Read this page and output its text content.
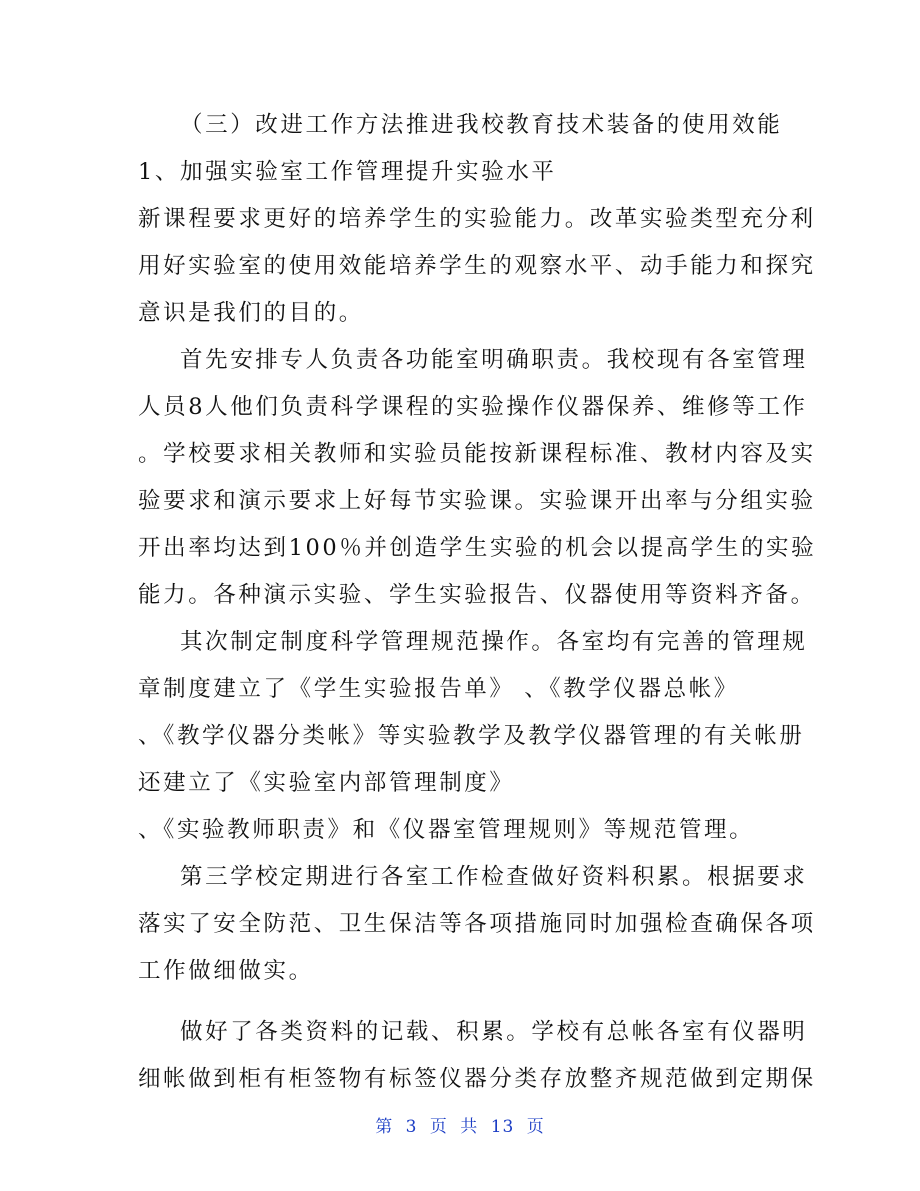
（三）改进工作方法推进我校教育技术装备的使用效能
1、加强实验室工作管理提升实验水平
新课程要求更好的培养学生的实验能力。改革实验类型充分利
用好实验室的使用效能培养学生的观察水平、动手能力和探究
意识是我们的目的。
首先安排专人负责各功能室明确职责。我校现有各室管理
人员8人他们负责科学课程的实验操作仪器保养、维修等工作
。学校要求相关教师和实验员能按新课程标准、教材内容及实
验要求和演示要求上好每节实验课。实验课开出率与分组实验
开出率均达到100％并创造学生实验的机会以提高学生的实验
能力。各种演示实验、学生实验报告、仪器使用等资料齐备。
其次制定制度科学管理规范操作。各室均有完善的管理规
章制度建立了《学生实验报告单》 、《教学仪器总帐》
、《教学仪器分类帐》等实验教学及教学仪器管理的有关帐册
还建立了《实验室内部管理制度》
、《实验教师职责》和《仪器室管理规则》等规范管理。
第三学校定期进行各室工作检查做好资料积累。根据要求
落实了安全防范、卫生保洁等各项措施同时加强检查确保各项
工作做细做实。
做好了各类资料的记载、积累。学校有总帐各室有仪器明
细帐做到柜有柜签物有标签仪器分类存放整齐规范做到定期保
第 3 页 共 13 页
